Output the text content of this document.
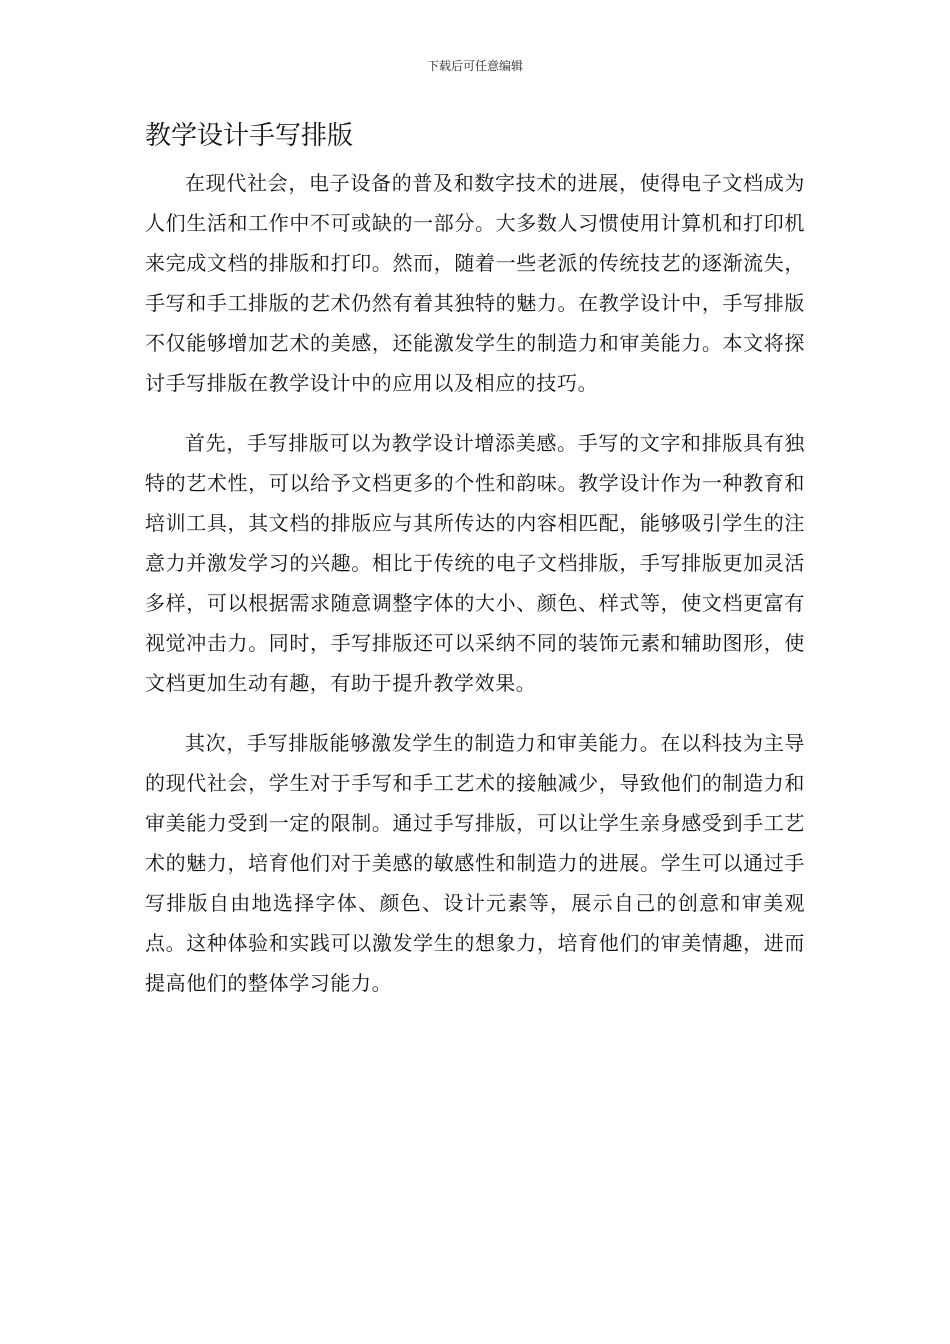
下载后可任意编辑
教学设计手写排版

在现代社会，电子设备的普及和数字技术的进展，使得电子文档成为人们生活和工作中不可或缺的一部分。大多数人习惯使用计算机和打印机来完成文档的排版和打印。然而，随着一些老派的传统技艺的逐渐流失，手写和手工排版的艺术仍然有着其独特的魅力。在教学设计中，手写排版不仅能够增加艺术的美感，还能激发学生的制造力和审美能力。本文将探讨手写排版在教学设计中的应用以及相应的技巧。

首先，手写排版可以为教学设计增添美感。手写的文字和排版具有独特的艺术性，可以给予文档更多的个性和韵味。教学设计作为一种教育和培训工具，其文档的排版应与其所传达的内容相匹配，能够吸引学生的注意力并激发学习的兴趣。相比于传统的电子文档排版，手写排版更加灵活多样，可以根据需求随意调整字体的大小、颜色、样式等，使文档更富有视觉冲击力。同时，手写排版还可以采纳不同的装饰元素和辅助图形，使文档更加生动有趣，有助于提升教学效果。

其次，手写排版能够激发学生的制造力和审美能力。在以科技为主导的现代社会，学生对于手写和手工艺术的接触减少，导致他们的制造力和审美能力受到一定的限制。通过手写排版，可以让学生亲身感受到手工艺术的魅力，培育他们对于美感的敏感性和制造力的进展。学生可以通过手写排版自由地选择字体、颜色、设计元素等，展示自己的创意和审美观点。这种体验和实践可以激发学生的想象力，培育他们的审美情趣，进而提高他们的整体学习能力。
